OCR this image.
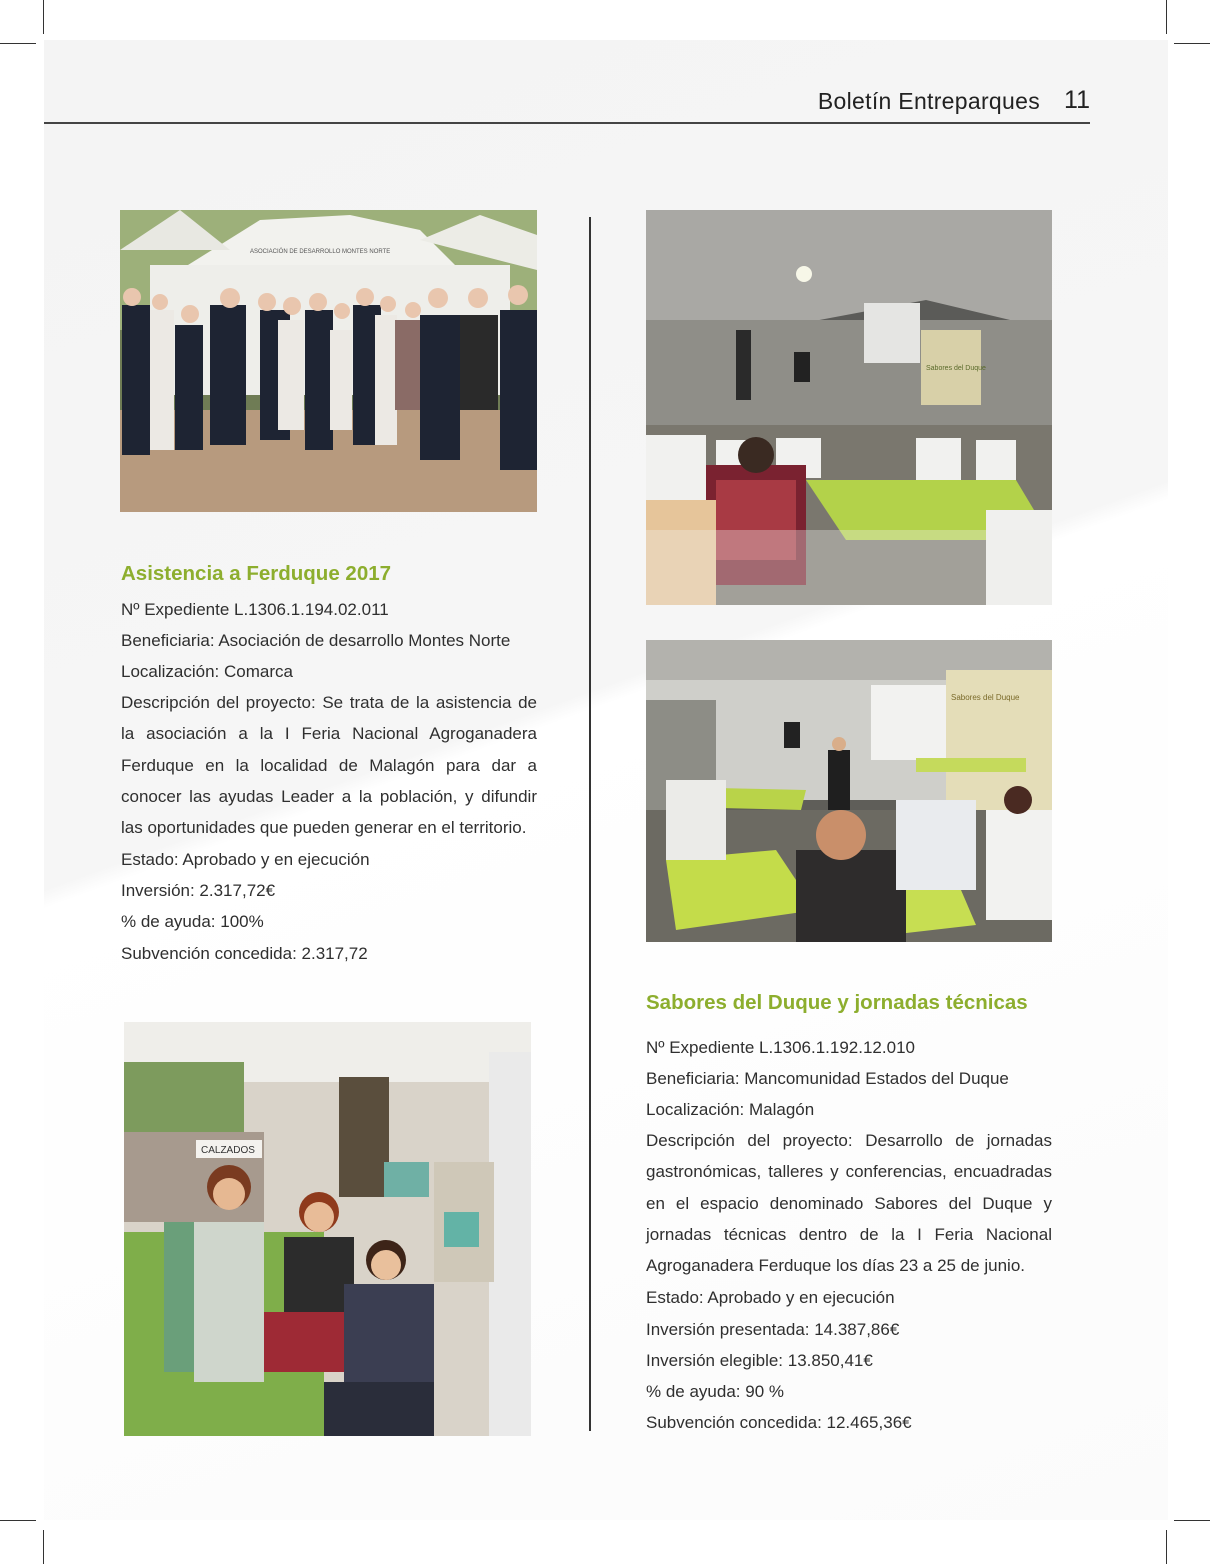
Boletín Entreparques 11
ASOCIACIÓN DE DESARROLLO MONTES NORTE
CALZADOS
Sabores del Duque
Sabores del Duque
Asistencia a Ferduque 2017
Nº Expediente L.1306.1.194.02.011
Beneficiaria: Asociación de desarrollo Montes Norte
Localización: Comarca
Descripción del proyecto: Se trata de la asistencia de la asociación a la I Feria Nacional Agroganadera Ferduque en la localidad de Malagón para dar a conocer las ayudas Leader a la población, y difundir las oportunidades que pueden generar en el territorio.
Estado: Aprobado y en ejecución
Inversión: 2.317,72€
% de ayuda: 100%
Subvención concedida: 2.317,72
Sabores del Duque y jornadas técnicas
Nº Expediente L.1306.1.192.12.010
Beneficiaria: Mancomunidad Estados del Duque
Localización: Malagón
Descripción del proyecto: Desarrollo de jornadas gastronómicas, talleres y conferencias, encuadradas en el espacio denominado Sabores del Duque y jornadas técnicas dentro de la I Feria Nacional Agroganadera Ferduque los días 23 a 25 de junio.
Estado: Aprobado y en ejecución
Inversión presentada: 14.387,86€
Inversión elegible: 13.850,41€
% de ayuda: 90 %
Subvención concedida: 12.465,36€
